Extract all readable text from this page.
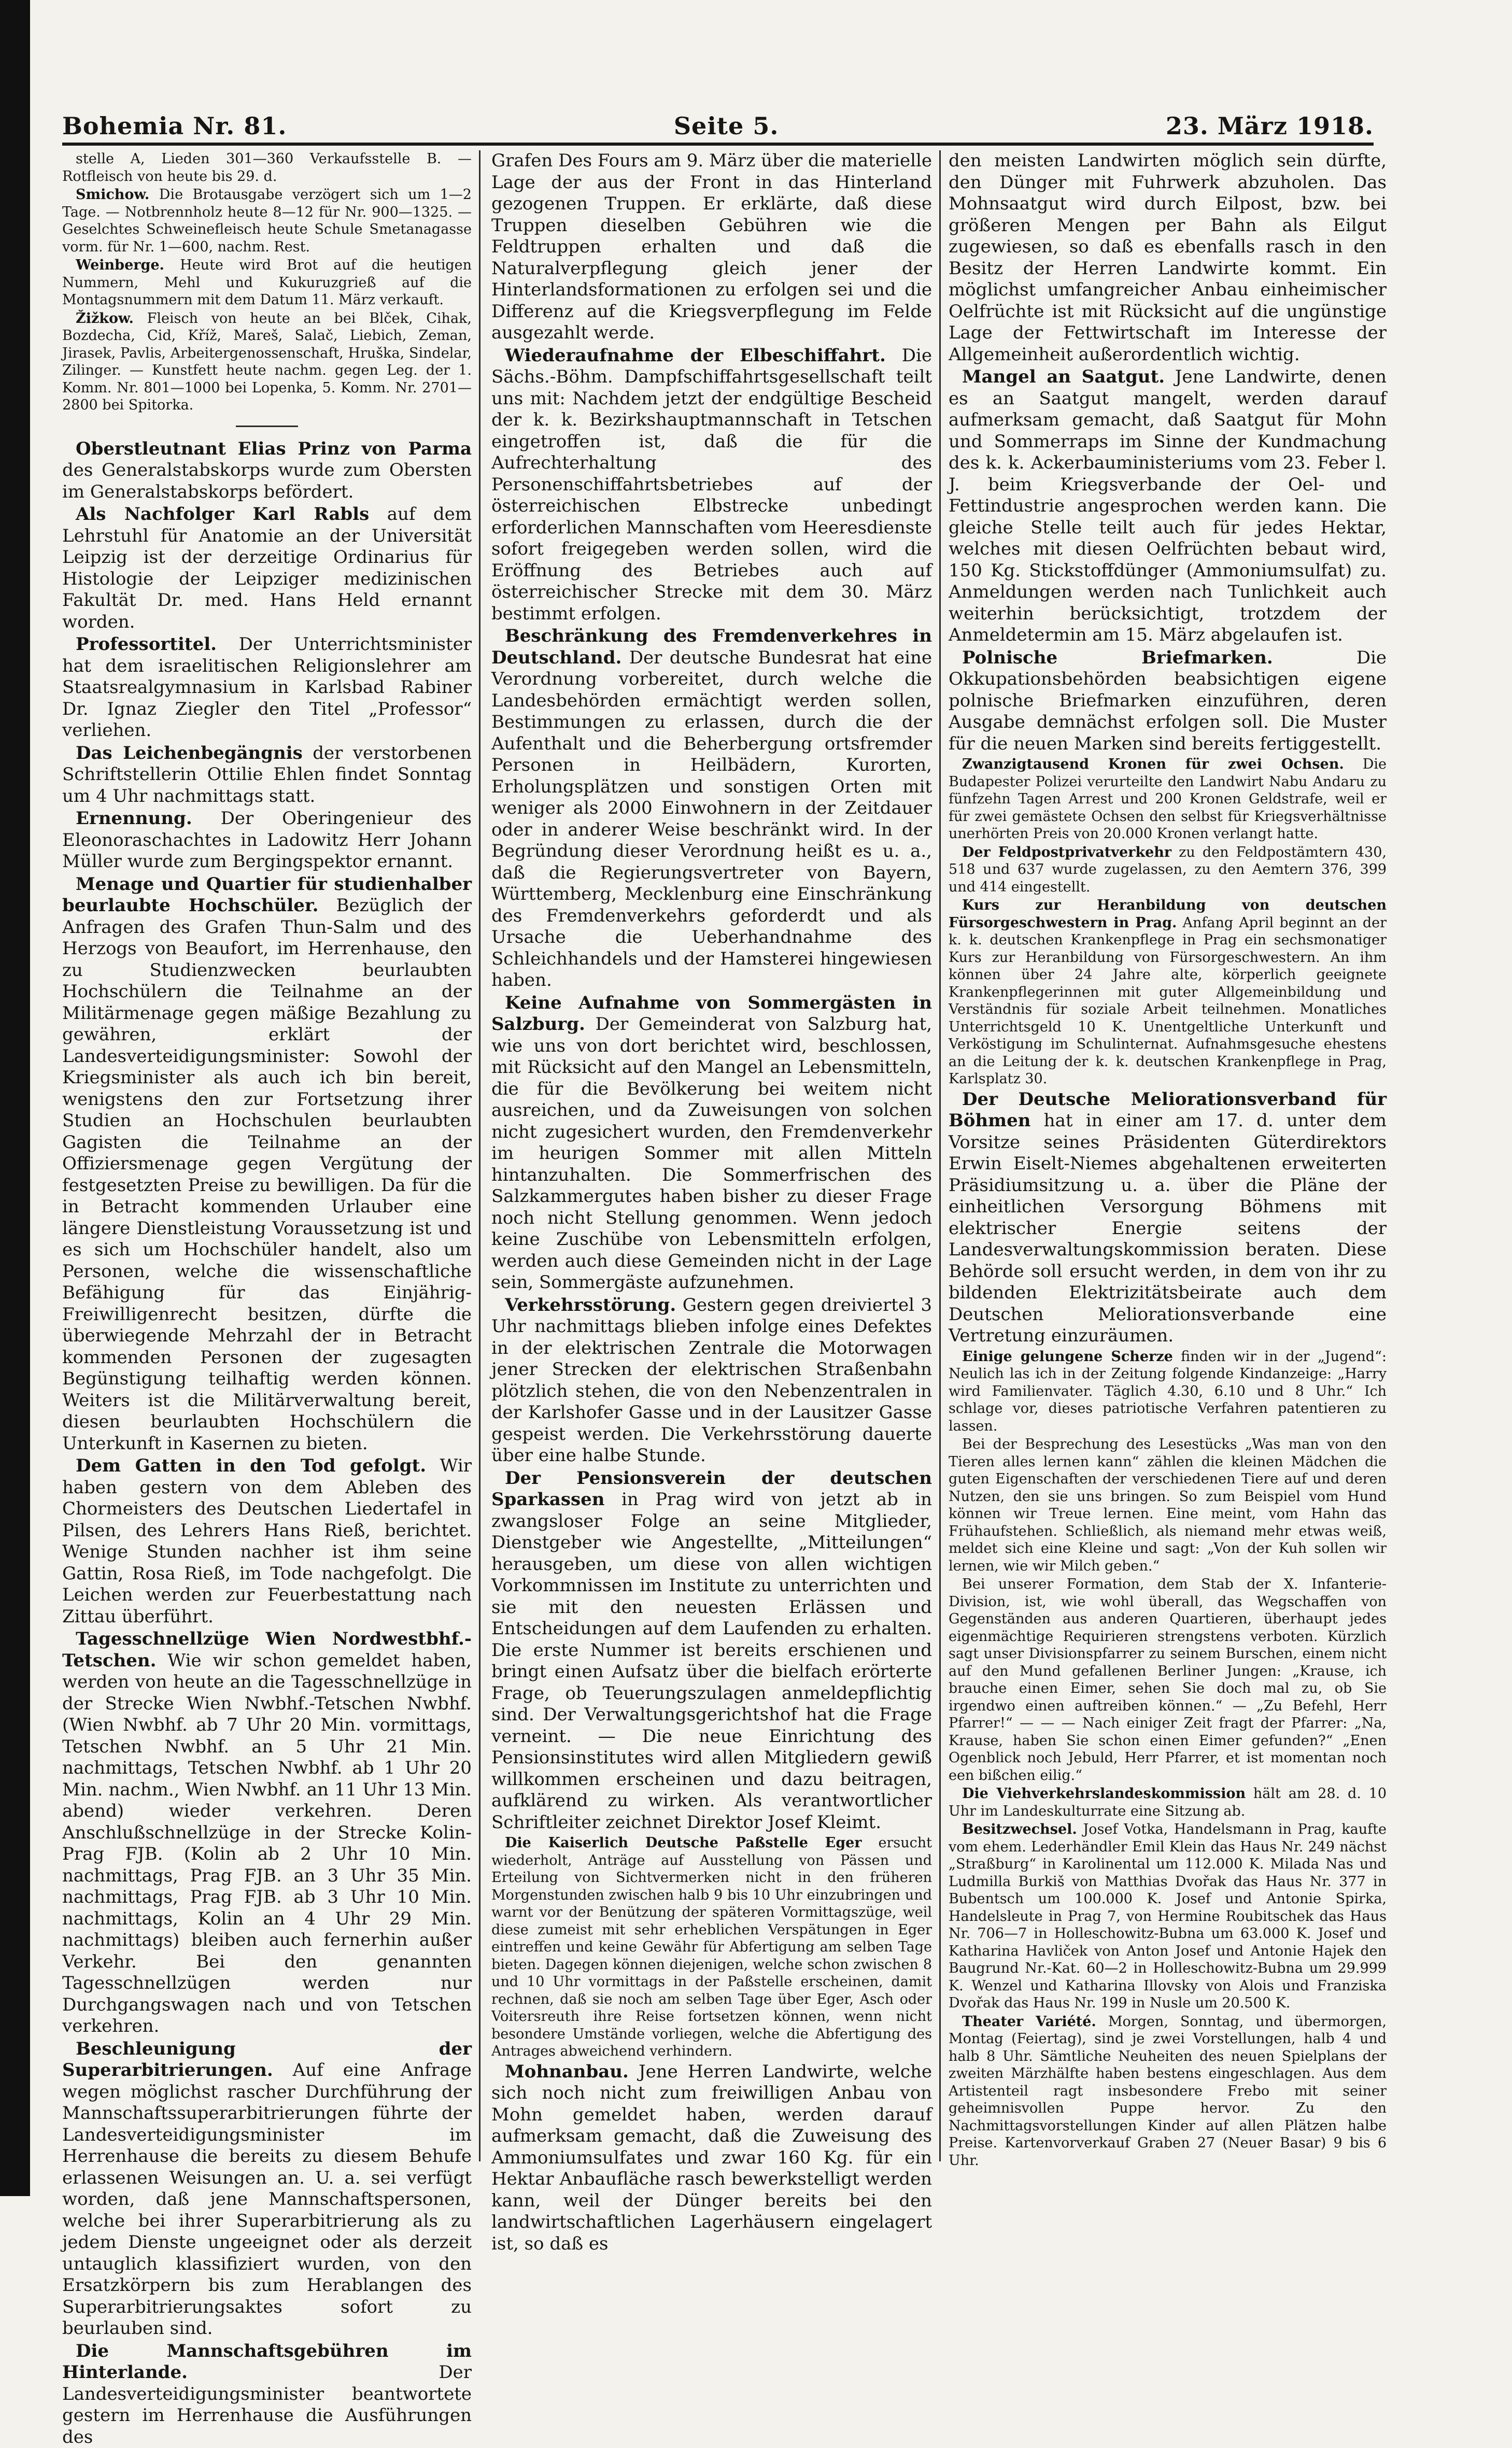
Bohemia Nr. 81.	Seite 5.	23. März 1918.

stelle A, Lieden 301—360 Verkaufsstelle B. — Rotfleisch von heute bis 29. d.

Smichow. Die Brotausgabe verzögert sich um 1—2 Tage. — Notbrennholz heute 8—12 für Nr. 900—1325. — Geselchtes Schweinefleisch heute Schule Smetanagasse vorm. für Nr. 1—600, nachm. Rest.

Weinberge. Heute wird Brot auf die heutigen Nummern, Mehl und Kukuruzgrieß auf die Montagsnummern mit dem Datum 11. März verkauft.

Žižkow. Fleisch von heute an bei Blček, Cihak, Bozdecha, Cid, Kříž, Mareš, Salač, Liebich, Zeman, Jirasek, Pavlis, Arbeitergenossenschaft, Hruška, Sindelar, Zilinger. — Kunstfett heute nachm. gegen Leg. der 1. Komm. Nr. 801—1000 bei Lopenka, 5. Komm. Nr. 2701—2800 bei Spitorka.

Oberstleutnant Elias Prinz von Parma des Generalstabskorps wurde zum Obersten im Generalstabskorps befördert.

Als Nachfolger Karl Rabls auf dem Lehrstuhl für Anatomie an der Universität Leipzig ist der derzeitige Ordinarius für Histologie der Leipziger medizinischen Fakultät Dr. med. Hans Held ernannt worden.

Professortitel. Der Unterrichtsminister hat dem israelitischen Religionslehrer am Staatsrealgymnasium in Karlsbad Rabiner Dr. Ignaz Ziegler den Titel „Professor“ verliehen.

Das Leichenbegängnis der verstorbenen Schriftstellerin Ottilie Ehlen findet Sonntag um 4 Uhr nachmittags statt.

Ernennung. Der Oberingenieur des Eleonoraschachtes in Ladowitz Herr Johann Müller wurde zum Bergingspektor ernannt.

Menage und Quartier für studienhalber beurlaubte Hochschüler. Bezüglich der Anfragen des Grafen Thun-Salm und des Herzogs von Beaufort, im Herrenhause, den zu Studienzwecken beurlaubten Hochschülern die Teilnahme an der Militärmenage gegen mäßige Bezahlung zu gewähren, erklärt der Landesverteidigungsminister: Sowohl der Kriegsminister als auch ich bin bereit, wenigstens den zur Fortsetzung ihrer Studien an Hochschulen beurlaubten Gagisten die Teilnahme an der Offiziersmenage gegen Vergütung der festgesetzten Preise zu bewilligen. Da für die in Betracht kommenden Urlauber eine längere Dienstleistung Voraussetzung ist und es sich um Hochschüler handelt, also um Personen, welche die wissenschaftliche Befähigung für das Einjährig-Freiwilligenrecht besitzen, dürfte die überwiegende Mehrzahl der in Betracht kommenden Personen der zugesagten Begünstigung teilhaftig werden können. Weiters ist die Militärverwaltung bereit, diesen beurlaubten Hochschülern die Unterkunft in Kasernen zu bieten.

Dem Gatten in den Tod gefolgt. Wir haben gestern von dem Ableben des Chormeisters des Deutschen Liedertafel in Pilsen, des Lehrers Hans Rieß, berichtet. Wenige Stunden nachher ist ihm seine Gattin, Rosa Rieß, im Tode nachgefolgt. Die Leichen werden zur Feuerbestattung nach Zittau überführt.

Tagesschnellzüge Wien Nordwestbhf.-Tetschen. Wie wir schon gemeldet haben, werden von heute an die Tagesschnellzüge in der Strecke Wien Nwbhf.-Tetschen Nwbhf. (Wien Nwbhf. ab 7 Uhr 20 Min. vormittags, Tetschen Nwbhf. an 5 Uhr 21 Min. nachmittags, Tetschen Nwbhf. ab 1 Uhr 20 Min. nachm., Wien Nwbhf. an 11 Uhr 13 Min. abend) wieder verkehren. Deren Anschlußschnellzüge in der Strecke Kolin-Prag FJB. (Kolin ab 2 Uhr 10 Min. nachmittags, Prag FJB. an 3 Uhr 35 Min. nachmittags, Prag FJB. ab 3 Uhr 10 Min. nachmittags, Kolin an 4 Uhr 29 Min. nachmittags) bleiben auch fernerhin außer Verkehr. Bei den genannten Tagesschnellzügen werden nur Durchgangswagen nach und von Tetschen verkehren.

Beschleunigung der Superarbitrierungen. Auf eine Anfrage wegen möglichst rascher Durchführung der Mannschaftssuperarbitrierungen führte der Landesverteidigungsminister im Herrenhause die bereits zu diesem Behufe erlassenen Weisungen an. U. a. sei verfügt worden, daß jene Mannschaftspersonen, welche bei ihrer Superarbitrierung als zu jedem Dienste ungeeignet oder als derzeit untauglich klassifiziert wurden, von den Ersatzkörpern bis zum Herablangen des Superarbitrierungsaktes sofort zu beurlauben sind.

Die Mannschaftsgebühren im Hinterlande.	Der Landesverteidigungsminister beantwortete gestern im Herrenhause die Ausführungen des

Grafen Des Fours am 9. März über die materielle Lage der aus der Front in das Hinterland gezogenen Truppen. Er erklärte, daß diese Truppen dieselben Gebühren wie die Feldtruppen erhalten und daß die Naturalverpflegung gleich jener der Hinterlandsformationen zu erfolgen sei und die Differenz auf die Kriegsverpflegung im Felde ausgezahlt werde.

Wiederaufnahme der Elbeschiffahrt. Die Sächs.-Böhm. Dampfschiffahrtsgesellschaft teilt uns mit: Nachdem jetzt der endgültige Bescheid der k. k. Bezirkshauptmannschaft in Tetschen eingetroffen ist, daß die für die Aufrechterhaltung des Personenschiffahrtsbetriebes auf der österreichischen Elbstrecke unbedingt erforderlichen Mannschaften vom Heeresdienste sofort freigegeben werden sollen, wird die Eröffnung des Betriebes auch auf österreichischer Strecke mit dem 30. März bestimmt erfolgen.

Beschränkung des Fremdenverkehres in Deutschland. Der deutsche Bundesrat hat eine Verordnung vorbereitet, durch welche die Landesbehörden ermächtigt werden sollen, Bestimmungen zu erlassen, durch die der Aufenthalt und die Beherbergung ortsfremder Personen in Heilbädern, Kurorten, Erholungsplätzen und sonstigen Orten mit weniger als 2000 Einwohnern in der Zeitdauer oder in anderer Weise beschränkt wird. In der Begründung dieser Verordnung heißt es u. a., daß die Regierungsvertreter von Bayern, Württemberg, Mecklenburg eine Einschränkung des Fremdenverkehrs geforderdt und als Ursache die Ueberhandnahme des Schleichhandels und der Hamsterei hingewiesen haben.

Keine Aufnahme von Sommergästen in Salzburg. Der Gemeinderat von Salzburg hat, wie uns von dort berichtet wird, beschlossen, mit Rücksicht auf den Mangel an Lebensmitteln, die für die Bevölkerung bei weitem nicht ausreichen, und da Zuweisungen von solchen nicht zugesichert wurden, den Fremdenverkehr im heurigen Sommer mit allen Mitteln hintanzuhalten. Die Sommerfrischen des Salzkammergutes haben bisher zu dieser Frage noch nicht Stellung genommen. Wenn jedoch keine Zuschübe von Lebensmitteln erfolgen, werden auch diese Gemeinden nicht in der Lage sein, Sommergäste aufzunehmen.

Verkehrsstörung. Gestern gegen dreiviertel 3 Uhr nachmittags blieben infolge eines Defektes in der elektrischen Zentrale die Motorwagen jener Strecken der elektrischen Straßenbahn plötzlich stehen, die von den Nebenzentralen in der Karlshofer Gasse und in der Lausitzer Gasse gespeist werden. Die Verkehrsstörung dauerte über eine halbe Stunde.

Der Pensionsverein der deutschen Sparkassen in Prag wird von jetzt ab in zwangsloser Folge an seine Mitglieder, Dienstgeber wie Angestellte, „Mitteilungen“ herausgeben, um diese von allen wichtigen Vorkommnissen im Institute zu unterrichten und sie mit den neuesten Erlässen und Entscheidungen auf dem Laufenden zu erhalten. Die erste Nummer ist bereits erschienen und bringt einen Aufsatz über die bielfach erörterte Frage, ob Teuerungszulagen anmeldepflichtig sind. Der Verwaltungsgerichtshof hat die Frage verneint. — Die neue Einrichtung des Pensionsinstitutes wird allen Mitgliedern gewiß willkommen erscheinen und dazu beitragen, aufklärend zu wirken. Als verantwortlicher Schriftleiter zeichnet Direktor Josef Kleimt.

Die Kaiserlich Deutsche Paßstelle Eger ersucht wiederholt, Anträge auf Ausstellung von Pässen und Erteilung von Sichtvermerken nicht in den früheren Morgenstunden zwischen halb 9 bis 10 Uhr einzubringen und warnt vor der Benützung der späteren Vormittagszüge, weil diese zumeist mit sehr erheblichen Verspätungen in Eger eintreffen und keine Gewähr für Abfertigung am selben Tage bieten. Dagegen können diejenigen, welche schon zwischen 8 und 10 Uhr vormittags in der Paßstelle erscheinen, damit rechnen, daß sie noch am selben Tage über Eger, Asch oder Voitersreuth ihre Reise fortsetzen können, wenn nicht besondere Umstände vorliegen, welche die Abfertigung des Antrages abweichend verhindern.

Mohnanbau. Jene Herren Landwirte, welche sich noch nicht zum freiwilligen Anbau von Mohn gemeldet haben, werden darauf aufmerksam gemacht, daß die Zuweisung des Ammoniumsulfates und zwar 160 Kg. für ein Hektar Anbaufläche rasch bewerkstelligt werden kann, weil der Dünger bereits bei den landwirtschaftlichen Lagerhäusern eingelagert ist, so daß es

den meisten Landwirten möglich sein dürfte, den Dünger mit Fuhrwerk abzuholen. Das Mohnsaatgut wird durch Eilpost, bzw. bei größeren Mengen per Bahn als Eilgut zugewiesen, so daß es ebenfalls rasch in den Besitz der Herren Landwirte kommt. Ein möglichst umfangreicher Anbau einheimischer Oelfrüchte ist mit Rücksicht auf die ungünstige Lage der Fettwirtschaft im Interesse der Allgemeinheit außerordentlich wichtig.

Mangel an Saatgut. Jene Landwirte, denen es an Saatgut mangelt, werden darauf aufmerksam gemacht, daß Saatgut für Mohn und Sommerraps im Sinne der Kundmachung des k. k. Ackerbauministeriums vom 23. Feber l. J. beim Kriegsverbande der Oel- und Fettindustrie angesprochen werden kann. Die gleiche Stelle teilt auch für jedes Hektar, welches mit diesen Oelfrüchten bebaut wird, 150 Kg. Stickstoffdünger (Ammoniumsulfat) zu. Anmeldungen werden nach Tunlichkeit auch weiterhin berücksichtigt, trotzdem der Anmeldetermin am 15. März abgelaufen ist.

Polnische Briefmarken.	Die Okkupationsbehörden beabsichtigen eigene polnische Briefmarken einzuführen, deren Ausgabe demnächst erfolgen soll. Die Muster für die neuen Marken sind bereits fertiggestellt.

Zwanzigtausend Kronen für zwei Ochsen. Die Budapester Polizei verurteilte den Landwirt Nabu Andaru zu fünfzehn Tagen Arrest und 200 Kronen Geldstrafe, weil er für zwei gemästete Ochsen den selbst für Kriegsverhältnisse unerhörten Preis von 20.000 Kronen verlangt hatte.

Der Feldpostprivatverkehr zu den Feldpostämtern 430, 518 und 637 wurde zugelassen, zu den Aemtern 376, 399 und 414 eingestellt.

Kurs zur Heranbildung von deutschen Fürsorgeschwestern in Prag. Anfang April beginnt an der k. k. deutschen Krankenpflege in Prag ein sechsmonatiger Kurs zur Heranbildung von Fürsorgeschwestern. An ihm können über 24 Jahre alte, körperlich geeignete Krankenpflegerinnen mit guter Allgemeinbildung und Verständnis für soziale Arbeit teilnehmen. Monatliches Unterrichtsgeld 10 K. Unentgeltliche Unterkunft und Verköstigung im Schulinternat. Aufnahmsgesuche ehestens an die Leitung der k. k. deutschen Krankenpflege in Prag, Karlsplatz 30.

Der Deutsche Meliorationsverband für Böhmen hat in einer am 17. d. unter dem Vorsitze seines Präsidenten Güterdirektors Erwin Eiselt-Niemes abgehaltenen erweiterten Präsidiumsitzung u. a. über die Pläne der einheitlichen Versorgung Böhmens mit elektrischer Energie seitens der Landesverwaltungskommission beraten. Diese Behörde soll ersucht werden, in dem von ihr zu bildenden Elektrizitätsbeirate auch dem Deutschen Meliorationsverbande eine Vertretung einzuräumen.

Einige gelungene Scherze finden wir in der „Jugend“: Neulich las ich in der Zeitung folgende Kindanzeige: „Harry wird Familienvater. Täglich 4.30, 6.10 und 8 Uhr.“ Ich schlage vor, dieses patriotische Verfahren patentieren zu lassen.

Bei der Besprechung des Lesestücks „Was man von den Tieren alles lernen kann“ zählen die kleinen Mädchen die guten Eigenschaften der verschiedenen Tiere auf und deren Nutzen, den sie uns bringen. So zum Beispiel vom Hund können wir Treue lernen. Eine meint, vom Hahn das Frühaufstehen. Schließlich, als niemand mehr etwas weiß, meldet sich eine Kleine und sagt: „Von der Kuh sollen wir lernen, wie wir Milch geben.“

Bei unserer Formation, dem Stab der X. Infanterie-Division, ist, wie wohl überall, das Wegschaffen von Gegenständen aus anderen Quartieren, überhaupt jedes eigenmächtige Requirieren strengstens verboten. Kürzlich sagt unser Divisionspfarrer zu seinem Burschen, einem nicht auf den Mund gefallenen Berliner Jungen: „Krause, ich brauche einen Eimer, sehen Sie doch mal zu, ob Sie irgendwo einen auftreiben können.“ — „Zu Befehl, Herr Pfarrer!“ — — — Nach einiger Zeit fragt der Pfarrer: „Na, Krause, haben Sie schon einen Eimer gefunden?“ „Enen Ogenblick noch Jebuld, Herr Pfarrer, et ist momentan noch een bißchen eilig.“

Die Viehverkehrslandeskommission hält am 28. d. 10 Uhr im Landeskulturrate eine Sitzung ab.

Besitzwechsel. Josef Votka, Handelsmann in Prag, kaufte vom ehem. Lederhändler Emil Klein das Haus Nr. 249 nächst „Straßburg“ in Karolinental um 112.000 K. Milada Nas und Ludmilla Burkiš von Matthias Dvořak das Haus Nr. 377 in Bubentsch um 100.000 K. Josef und Antonie Spirka, Handelsleute in Prag 7, von Hermine Roubitschek das Haus Nr. 706—7 in Holleschowitz-Bubna um 63.000 K. Josef und Katharina Havliček von Anton Josef und Antonie Hajek den Baugrund Nr.-Kat. 60—2 in Holleschowitz-Bubna um 29.999 K. Wenzel und Katharina Illovsky von Alois und Franziska Dvořak das Haus Nr. 199 in Nusle um 20.500 K.

Theater Variété. Morgen, Sonntag, und übermorgen, Montag (Feiertag), sind je zwei Vorstellungen, halb 4 und halb 8 Uhr. Sämtliche Neuheiten des neuen Spielplans der zweiten Märzhälfte haben bestens eingeschlagen. Aus dem Artistenteil ragt insbesondere Frebo mit seiner geheimnisvollen Puppe hervor. Zu den Nachmittagsvorstellungen Kinder auf allen Plätzen halbe Preise. Kartenvorverkauf Graben 27 (Neuer Basar) 9 bis 6 Uhr.
